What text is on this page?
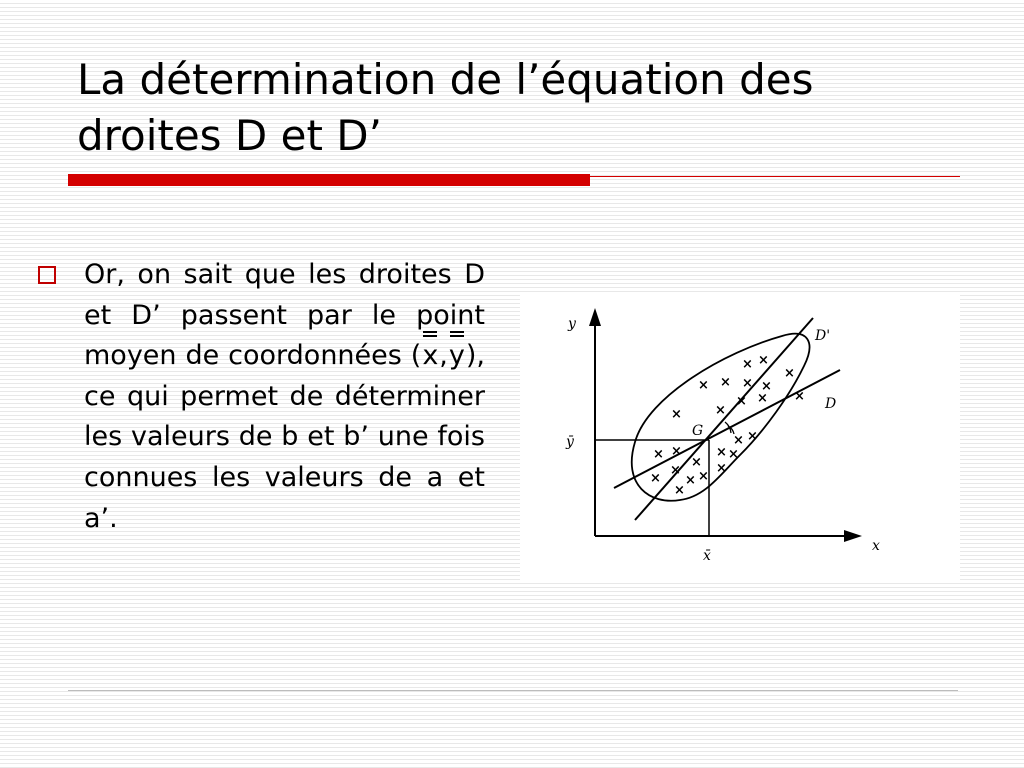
La détermination de l’équation des
droites D et D’
Or, on sait que les droites D et D’ passent par le point moyen de coordonnées (x,y), ce qui permet de déterminer les valeurs de b et b’ une fois connues les valeurs de a et a’.
y
x
ȳ
x̄
D'
D
G
× ×
×
× × × ×
×	×
× ×
× ×
× ×
×
× ×
×
×
× ×
×
×
×
